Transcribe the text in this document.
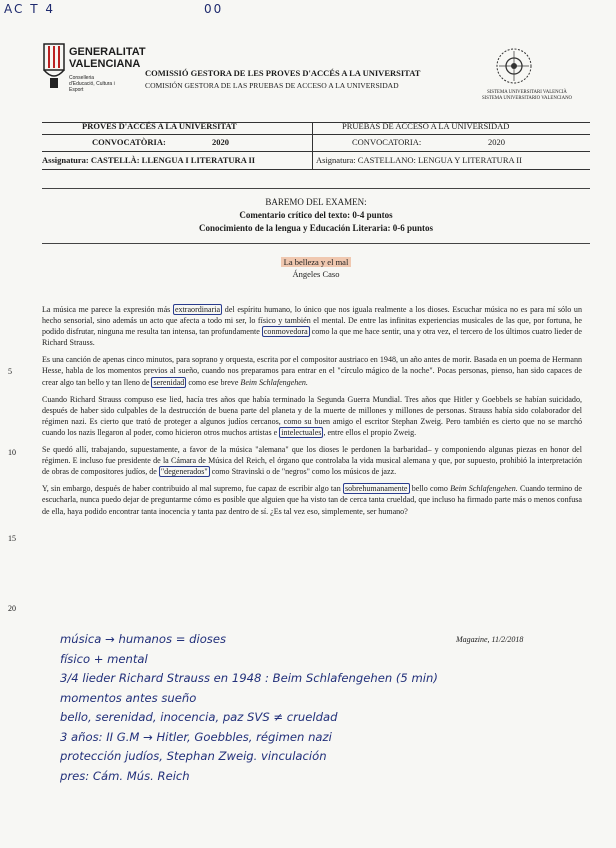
AC T 4	00
GENERALITAT
VALENCIANA
Conselleria d'Educació, Cultura i Esport
COMISSIÓ GESTORA DE LES PROVES D'ACCÉS A LA UNIVERSITAT
COMISIÓN GESTORA DE LAS PRUEBAS DE ACCESO A LA UNIVERSIDAD
SISTEMA UNIVERSITARI VALENCIÀ
SISTEMA UNIVERSITARIO VALENCIANO
PROVES D'ACCÉS A LA UNIVERSITAT	PRUEBAS DE ACCESO A LA UNIVERSIDAD
CONVOCATÒRIA:	2020	CONVOCATORIA:	2020
Assignatura: CASTELLÀ: LLENGUA I LITERATURA II	Asignatura: CASTELLANO: LENGUA Y LITERATURA II
BAREMO DEL EXAMEN:
Comentario crítico del texto: 0-4 puntos
Conocimiento de la lengua y Educación Literaria: 0-6 puntos
La belleza y el mal
Ángeles Caso
5
10
15
20

La música me parece la expresión más extraordinaria del espíritu humano, lo único que nos iguala realmente a los dioses. Escuchar música no es para mí sólo un hecho sensorial, sino además un acto que afecta a todo mi ser, lo físico y también el mental. De entre las infinitas experiencias musicales de las que, por fortuna, he podido disfrutar, ninguna me resulta tan intensa, tan profundamente conmovedora como la que me hace sentir, una y otra vez, el tercero de los últimos cuatro lieder de Richard Strauss.

Es una canción de apenas cinco minutos, para soprano y orquesta, escrita por el compositor austriaco en 1948, un año antes de morir. Basada en un poema de Hermann Hesse, habla de los momentos previos al sueño, cuando nos preparamos para entrar en el "círculo mágico de la noche". Pocas personas, pienso, han sido capaces de crear algo tan bello y tan lleno de serenidad como ese breve Beim Schlafengehen.

Cuando Richard Strauss compuso ese lied, hacía tres años que había terminado la Segunda Guerra Mundial. Tres años que Hitler y Goebbels se habían suicidado, después de haber sido culpables de la destrucción de buena parte del planeta y de la muerte de millones y millones de personas. Strauss había sido colaborador del régimen nazi. Es cierto que trató de proteger a algunos judíos cercanos, como su buen amigo el escritor Stephan Zweig. Pero también es cierto que no se marchó cuando los nazis llegaron al poder, como hicieron otros muchos artistas e intelectuales , entre ellos el propio Zweig.

Se quedó allí, trabajando, supuestamente, a favor de la música "alemana" que los dioses le perdonen la barbaridad– y componiendo algunas piezas en honor del régimen. E incluso fue presidente de la Cámara de Música del Reich, el órgano que controlaba la vida musical alemana y que, por supuesto, prohibió la interpretación de obras de compositores judíos, de "degenerados" como Stravinski o de "negros" como los músicos de jazz.

Y, sin embargo, después de haber contribuido al mal supremo, fue capaz de escribir algo tan sobrehumanamente bello como Beim Schlafengehen. Cuando termino de escucharla, nunca puedo dejar de preguntarme cómo es posible que alguien que ha visto tan de cerca tanta crueldad, que incluso ha firmado parte más o menos confusa de ella, haya podido encontrar tanta inocencia y tanta paz dentro de sí. ¿Es tal vez eso, simplemente, ser humano?

Magazine, 11/2/2018
música → humanos = dioses
físico + mental
3/4 lieder Richard Strauss en 1948 : Beim Schlafengehen (5 min)
momentos antes sueño
bello, serenidad, inocencia, paz SVS ≠ crueldad
3 años: II G.M → Hitler, Goebbles, régimen nazi
protección judíos, Stephan Zweig. vinculación
pres: Cám. Mús. Reich
